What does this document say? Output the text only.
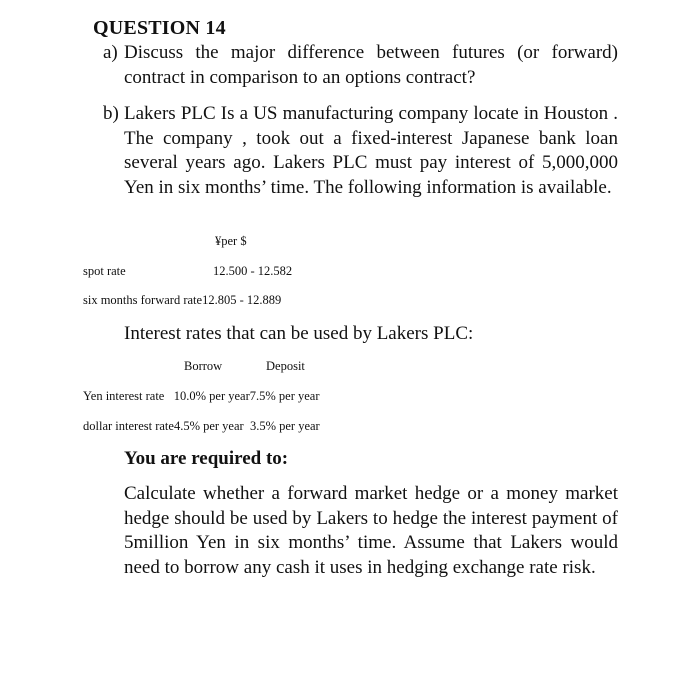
QUESTION 14
a) Discuss the major difference between futures (or forward) contract in comparison to an options contract?
b) Lakers PLC Is a US manufacturing company locate in Houston . The company , took out a fixed-interest Japanese bank loan several years ago. Lakers PLC must pay interest of 5,000,000 Yen in six months’ time. The following information is available.
¥per $
spot rate	12.500 - 12.582
six months forward rate12.805 - 12.889
Interest rates that can be used by Lakers PLC:
Borrow	Deposit
Yen interest rate 10.0% per year7.5% per year
dollar interest rate4.5% per year 3.5% per year
You are required to:
Calculate whether a forward market hedge or a money market hedge should be used by Lakers to hedge the interest payment of 5million Yen in six months’ time. Assume that Lakers would need to borrow any cash it uses in hedging exchange rate risk.
